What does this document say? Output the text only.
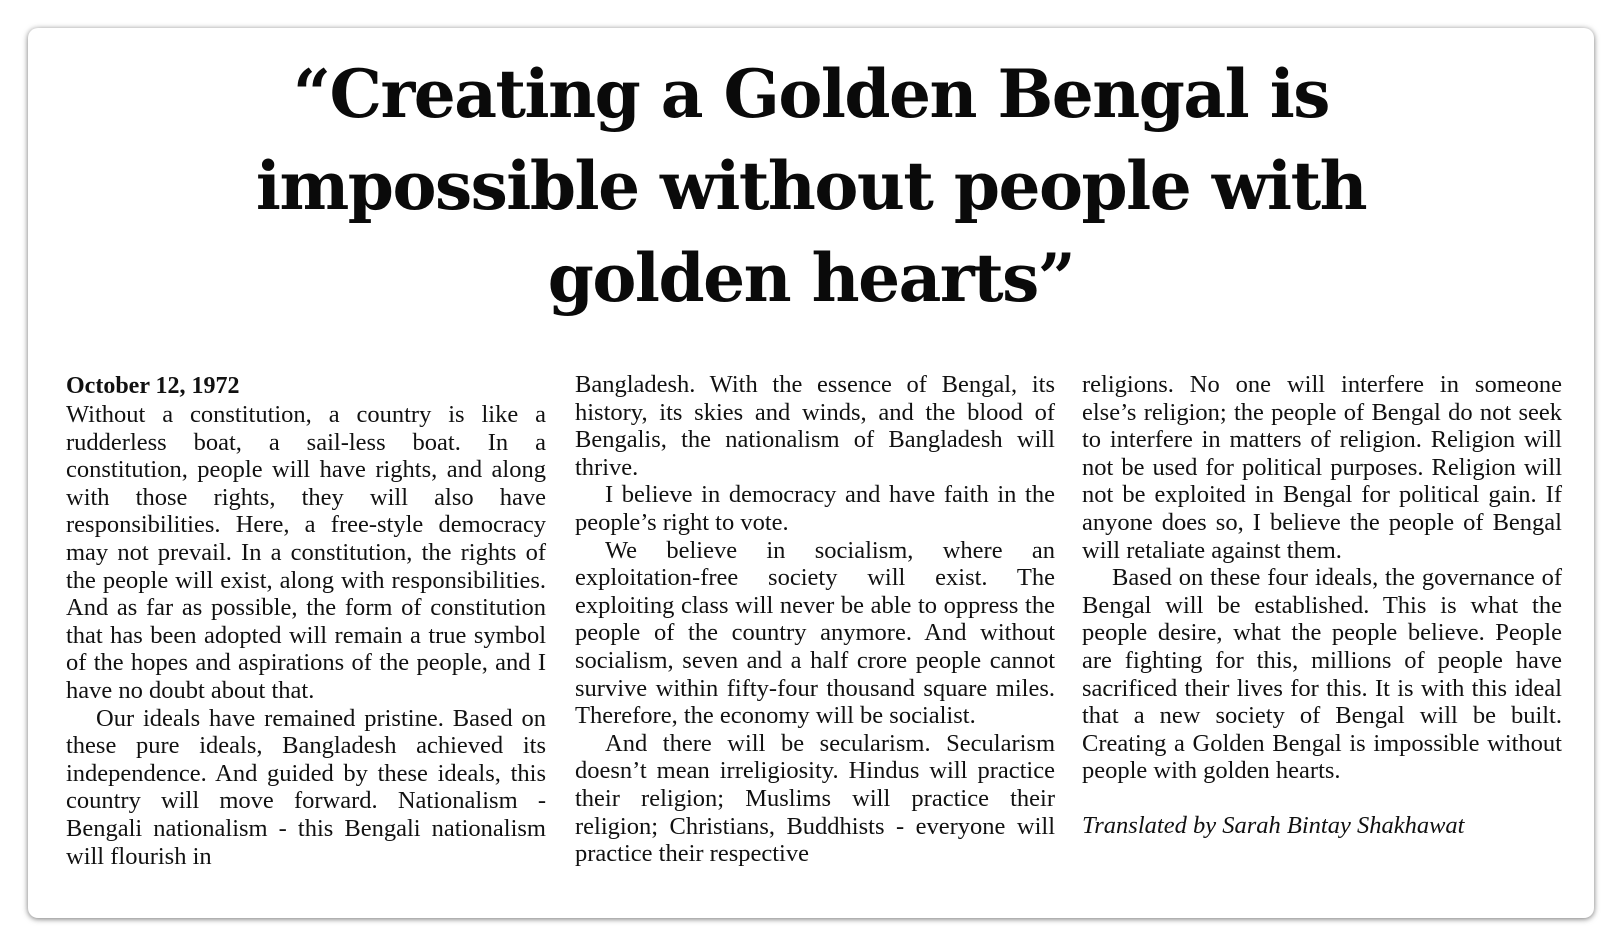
“Creating a Golden Bengal is
impossible without people with
golden hearts”

October 12, 1972

Without a constitution, a country is like a rudderless boat, a sail-less boat. In a constitution, people will have rights, and along with those rights, they will also have responsibilities. Here, a free-style democracy may not prevail. In a constitution, the rights of the people will exist, along with responsibilities. And as far as possible, the form of constitution that has been adopted will remain a true symbol of the hopes and aspirations of the people, and I have no doubt about that.

Our ideals have remained pristine. Based on these pure ideals, Bangladesh achieved its independence. And guided by these ideals, this country will move forward. Nationalism - Bengali nationalism - this Bengali nationalism will flourish in

Bangladesh. With the essence of Bengal, its history, its skies and winds, and the blood of Bengalis, the nationalism of Bangladesh will thrive.

I believe in democracy and have faith in the people’s right to vote.

We believe in socialism, where an exploitation-free society will exist. The exploiting class will never be able to oppress the people of the country anymore. And without socialism, seven and a half crore people cannot survive within fifty-four thousand square miles. Therefore, the economy will be socialist.

And there will be secularism. Secularism doesn’t mean irreligiosity. Hindus will practice their religion; Muslims will practice their religion; Christians, Buddhists - everyone will practice their respective

religions. No one will interfere in someone else’s religion; the people of Bengal do not seek to interfere in matters of religion. Religion will not be used for political purposes. Religion will not be exploited in Bengal for political gain. If anyone does so, I believe the people of Bengal will retaliate against them.

Based on these four ideals, the governance of Bengal will be established. This is what the people desire, what the people believe. People are fighting for this, millions of people have sacrificed their lives for this. It is with this ideal that a new society of Bengal will be built. Creating a Golden Bengal is impossible without people with golden hearts.

Translated by Sarah Bintay Shakhawat
